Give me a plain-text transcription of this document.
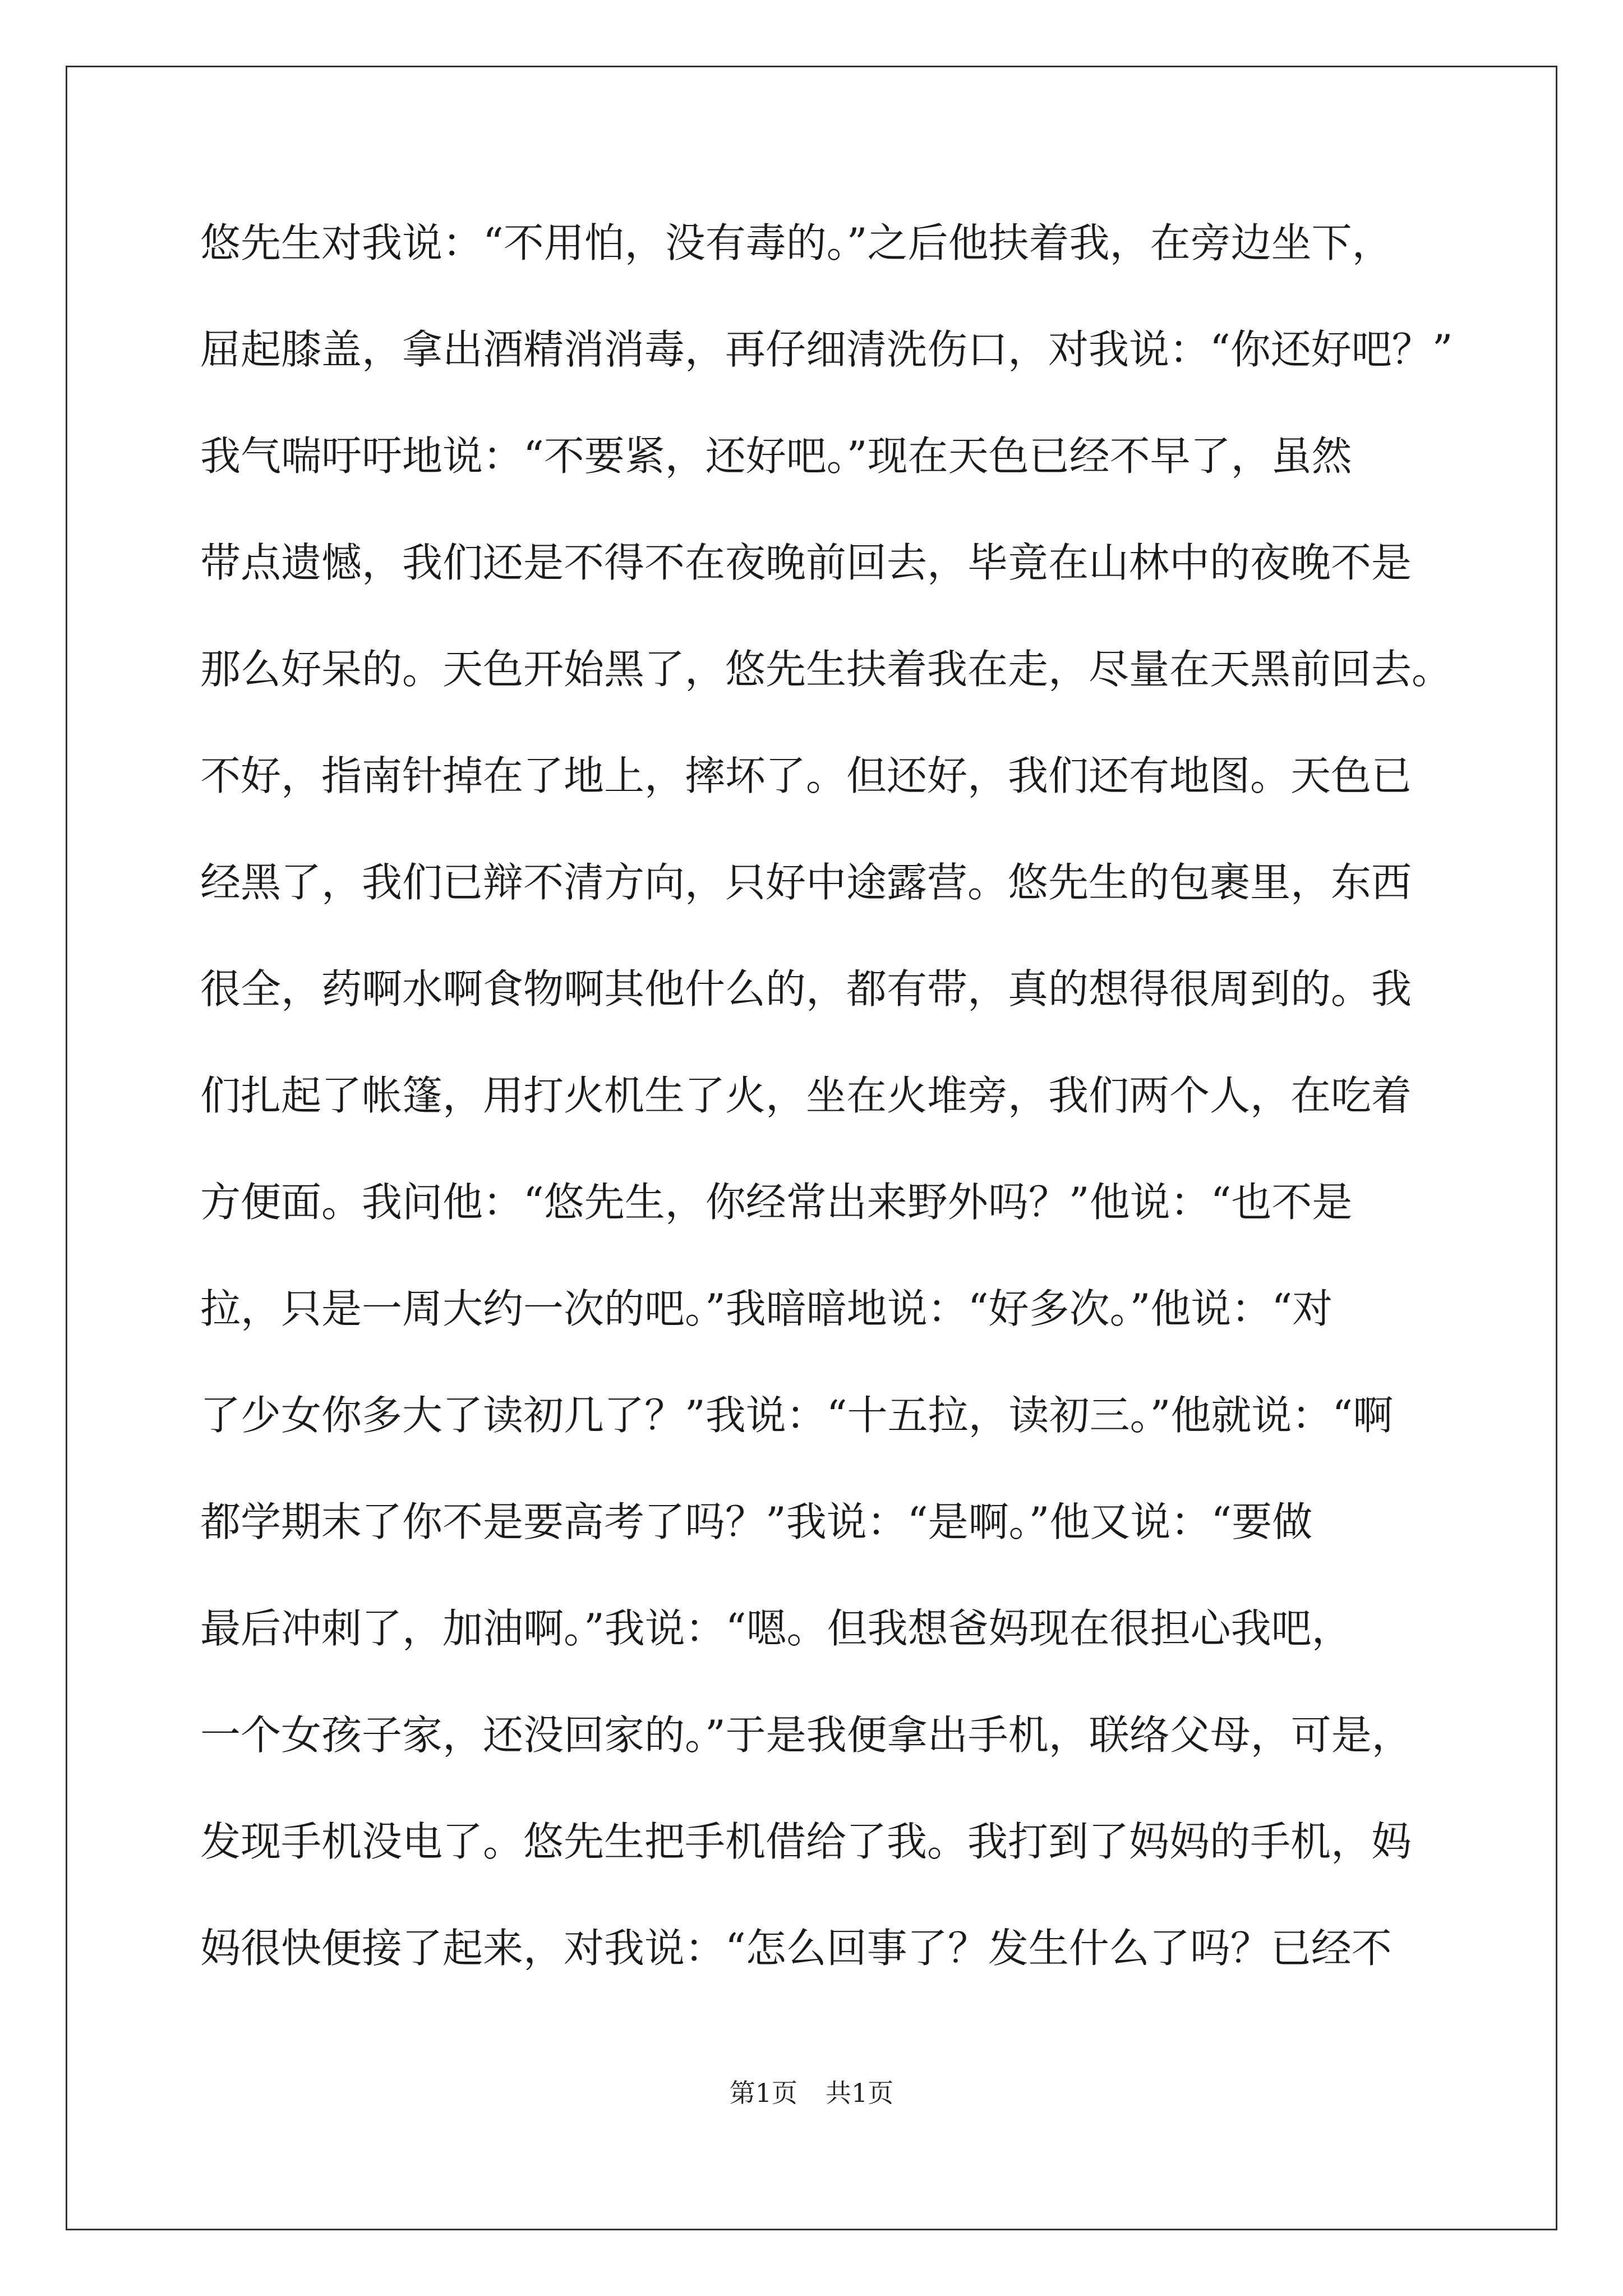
悠先生对我说：“不用怕，没有毒的。”之后他扶着我，在旁边坐下，
屈起膝盖，拿出酒精消消毒，再仔细清洗伤口，对我说：“你还好吧？”
我气喘吁吁地说：“不要紧，还好吧。”现在天色已经不早了，虽然
带点遗憾，我们还是不得不在夜晚前回去，毕竟在山林中的夜晚不是
那么好呆的。天色开始黑了，悠先生扶着我在走，尽量在天黑前回去。
不好，指南针掉在了地上，摔坏了。但还好，我们还有地图。天色已
经黑了，我们已辩不清方向，只好中途露营。悠先生的包裹里，东西
很全，药啊水啊食物啊其他什么的，都有带，真的想得很周到的。我
们扎起了帐篷，用打火机生了火，坐在火堆旁，我们两个人，在吃着
方便面。我问他：“悠先生，你经常出来野外吗？”他说：“也不是
拉，只是一周大约一次的吧。”我暗暗地说：“好多次。”他说：“对
了少女你多大了读初几了？”我说：“十五拉，读初三。”他就说：“啊
都学期末了你不是要高考了吗？”我说：“是啊。”他又说：“要做
最后冲刺了，加油啊。”我说：“嗯。但我想爸妈现在很担心我吧，
一个女孩子家，还没回家的。”于是我便拿出手机，联络父母，可是，
发现手机没电了。悠先生把手机借给了我。我打到了妈妈的手机，妈
妈很快便接了起来，对我说：“怎么回事了？发生什么了吗？已经不
第1页 共1页
